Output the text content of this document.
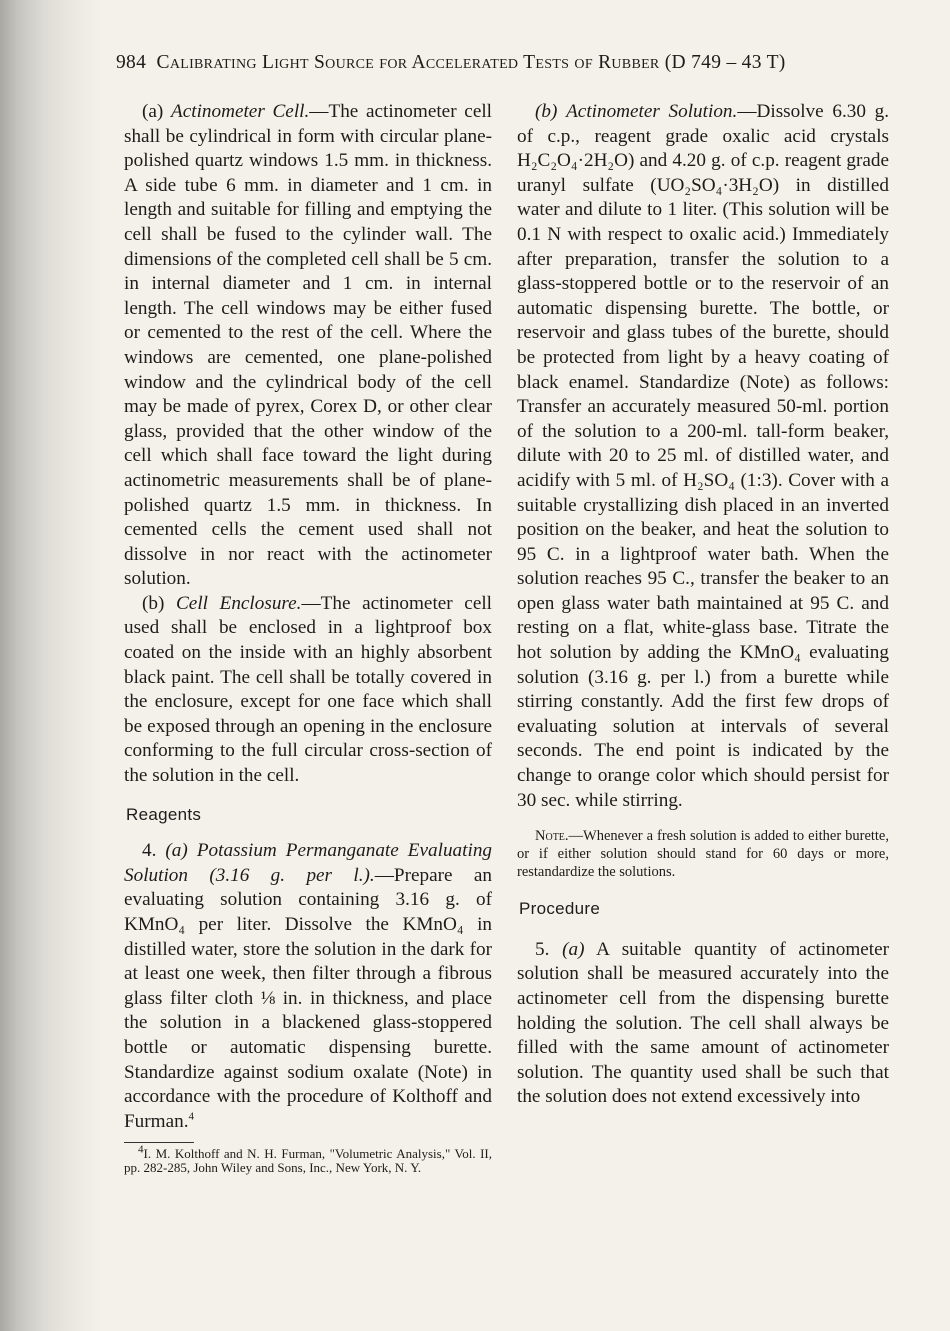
984 Calibrating Light Source for Accelerated Tests of Rubber (D 749 – 43 T)

(a) Actinometer Cell.—The actinometer cell shall be cylindrical in form with circular plane-polished quartz windows 1.5 mm. in thickness. A side tube 6 mm. in diameter and 1 cm. in length and suitable for filling and emptying the cell shall be fused to the cylinder wall. The dimensions of the completed cell shall be 5 cm. in internal diameter and 1 cm. in internal length. The cell windows may be either fused or cemented to the rest of the cell. Where the windows are cemented, one plane-polished window and the cylindrical body of the cell may be made of pyrex, Corex D, or other clear glass, provided that the other window of the cell which shall face toward the light during actinometric measurements shall be of plane-polished quartz 1.5 mm. in thickness. In cemented cells the cement used shall not dissolve in nor react with the actinometer solution.

(b) Cell Enclosure.—The actinometer cell used shall be enclosed in a lightproof box coated on the inside with an highly absorbent black paint. The cell shall be totally covered in the enclosure, except for one face which shall be exposed through an opening in the enclosure conforming to the full circular cross-section of the solution in the cell.

Reagents

4. (a) Potassium Permanganate Evaluating Solution (3.16 g. per l.).—Prepare an evaluating solution containing 3.16 g. of KMnO₄ per liter. Dissolve the KMnO₄ in distilled water, store the solution in the dark for at least one week, then filter through a fibrous glass filter cloth ⅛ in. in thickness, and place the solution in a blackened glass-stoppered bottle or automatic dispensing burette. Standardize against sodium oxalate (Note) in accordance with the procedure of Kolthoff and Furman.$^4$

$^4$I. M. Kolthoff and N. H. Furman, "Volumetric Analysis," Vol. II, pp. 282-285, John Wiley and Sons, Inc., New York, N. Y.

(b) Actinometer Solution.—Dissolve 6.30 g. of c.p., reagent grade oxalic acid crystals H₂C₂O₄·2H₂O) and 4.20 g. of c.p. reagent grade uranyl sulfate (UO₂SO₄·3H₂O) in distilled water and dilute to 1 liter. (This solution will be 0.1 N with respect to oxalic acid.) Immediately after preparation, transfer the solution to a glass-stoppered bottle or to the reservoir of an automatic dispensing burette. The bottle, or reservoir and glass tubes of the burette, should be protected from light by a heavy coating of black enamel. Standardize (Note) as follows: Transfer an accurately measured 50-ml. portion of the solution to a 200-ml. tall-form beaker, dilute with 20 to 25 ml. of distilled water, and acidify with 5 ml. of H₂SO₄ (1:3). Cover with a suitable crystallizing dish placed in an inverted position on the beaker, and heat the solution to 95 C. in a lightproof water bath. When the solution reaches 95 C., transfer the beaker to an open glass water bath maintained at 95 C. and resting on a flat, white-glass base. Titrate the hot solution by adding the KMnO₄ evaluating solution (3.16 g. per l.) from a burette while stirring constantly. Add the first few drops of evaluating solution at intervals of several seconds. The end point is indicated by the change to orange color which should persist for 30 sec. while stirring.

Note.—Whenever a fresh solution is added to either burette, or if either solution should stand for 60 days or more, restandardize the solutions.

Procedure

5. (a) A suitable quantity of actinometer solution shall be measured accurately into the actinometer cell from the dispensing burette holding the solution. The cell shall always be filled with the same amount of actinometer solution. The quantity used shall be such that the solution does not extend excessively into
